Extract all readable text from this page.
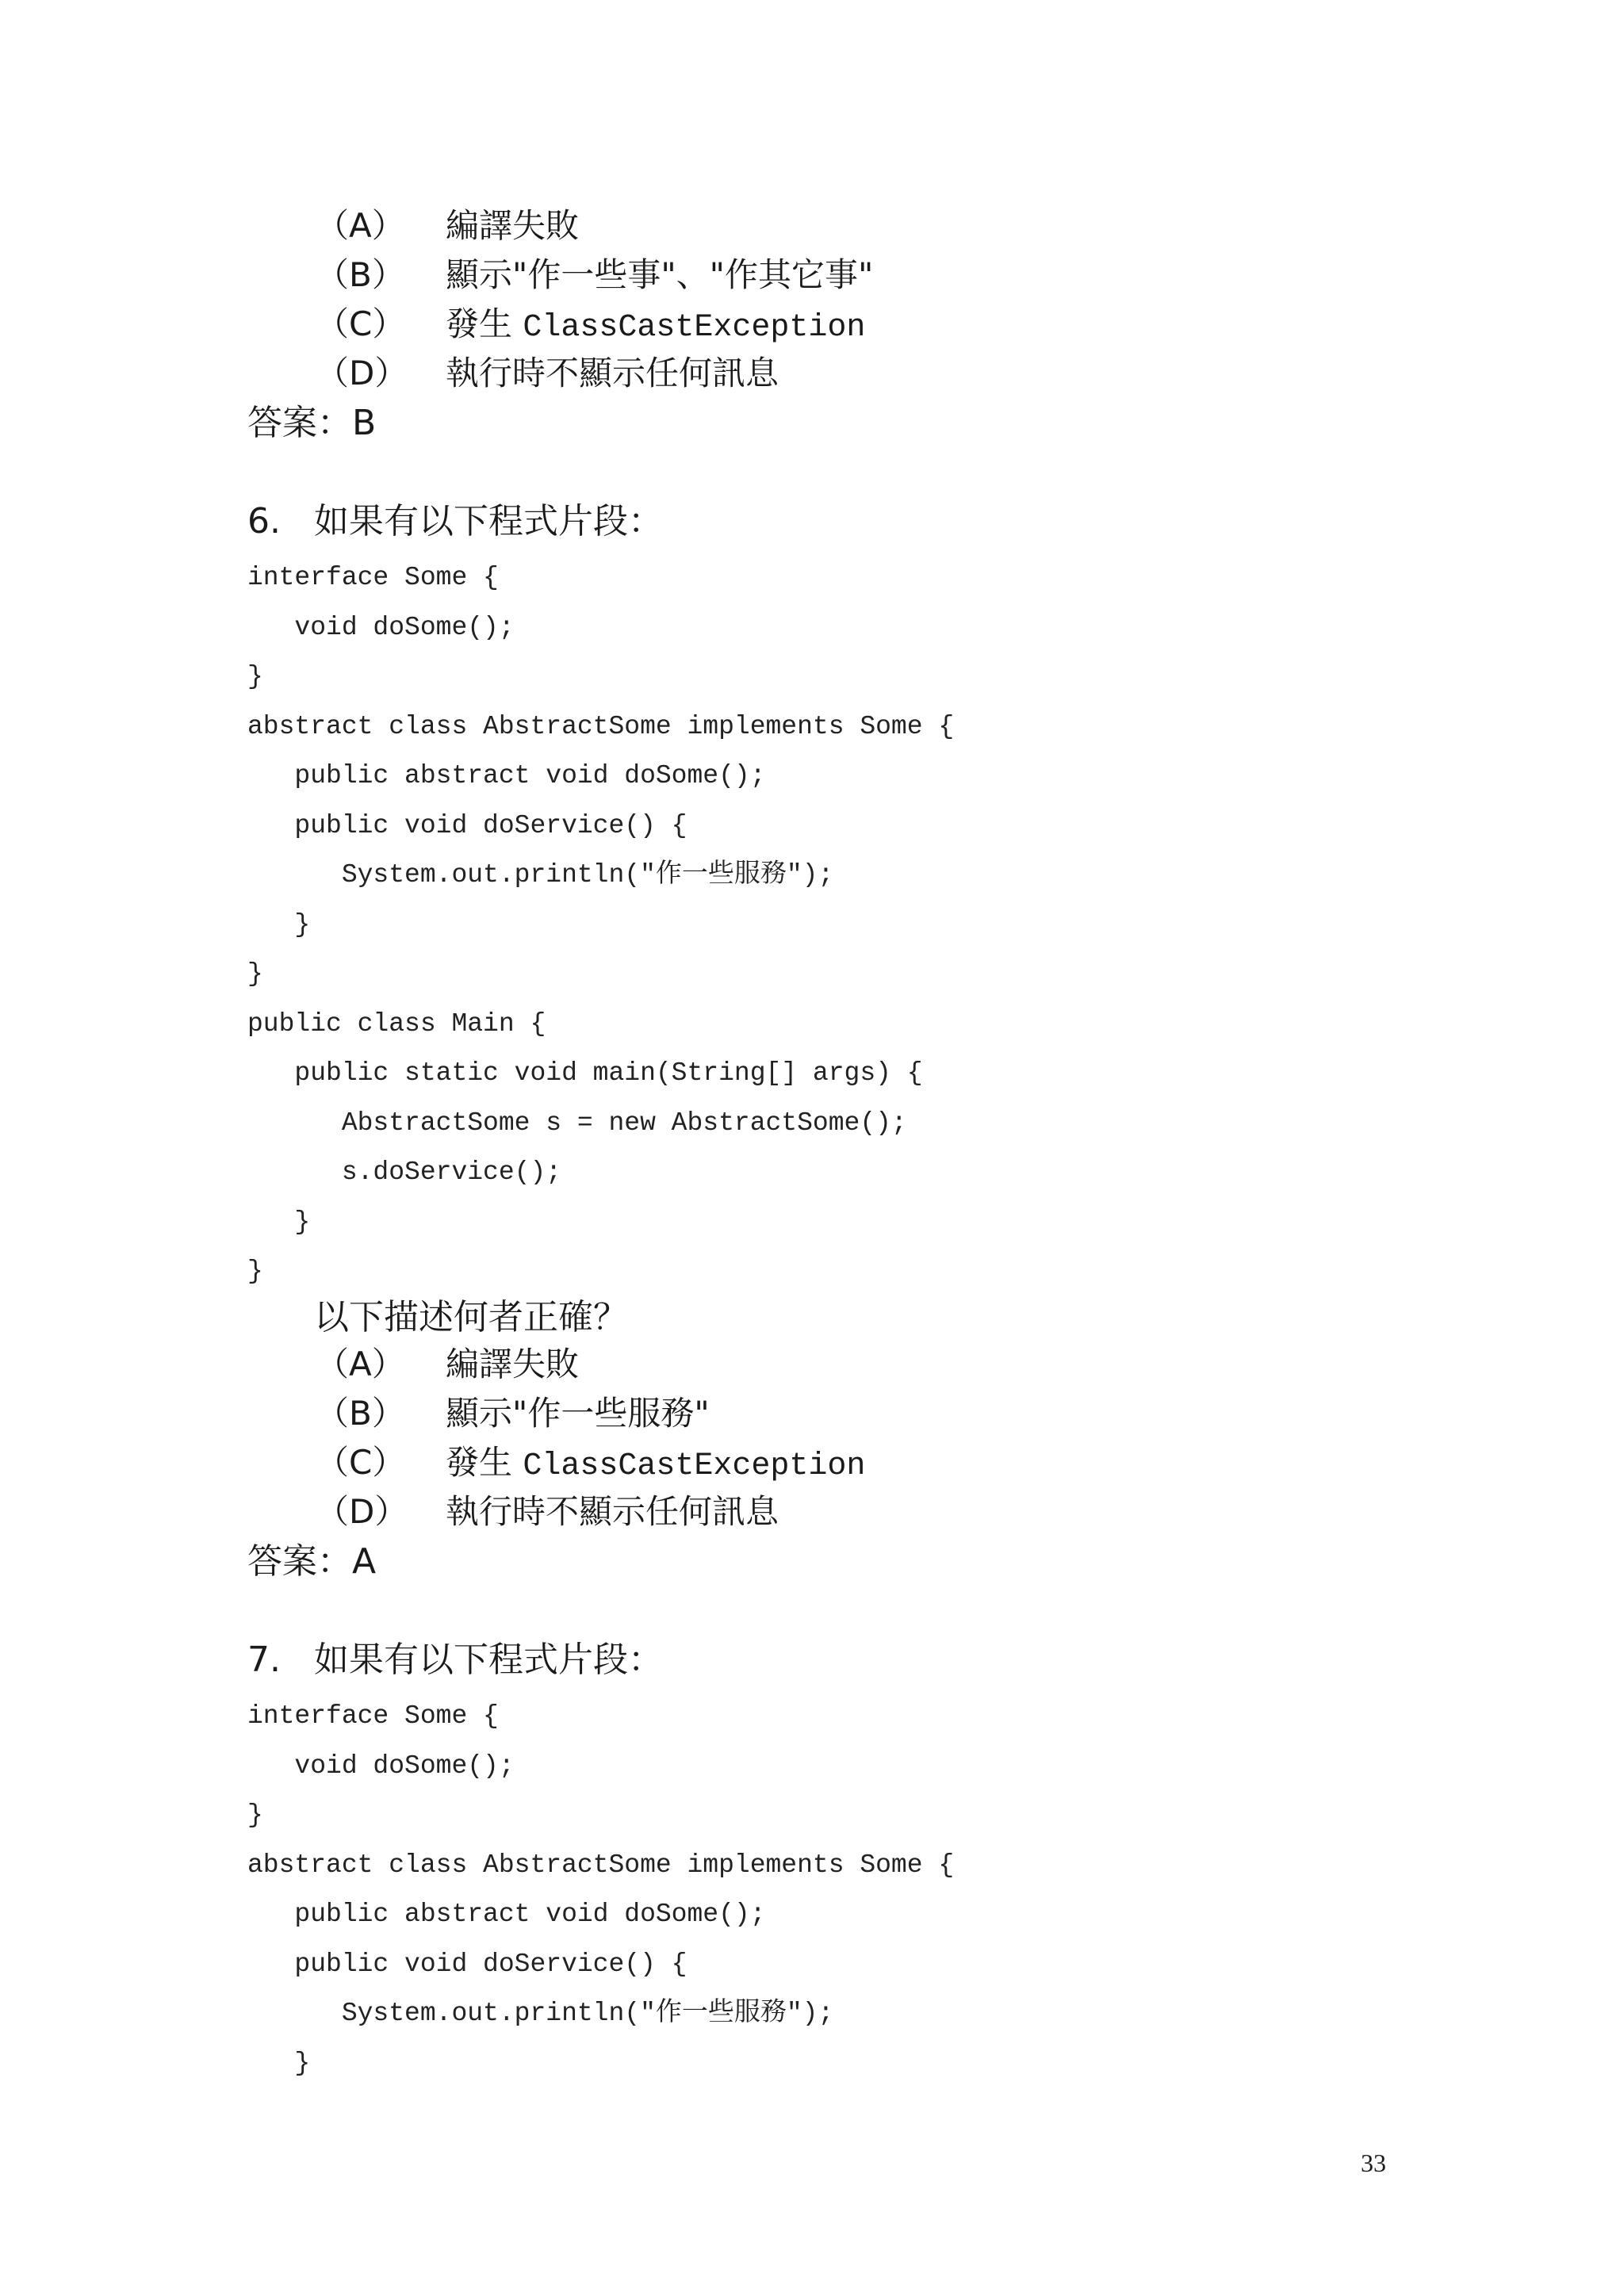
（A） 編譯失敗
（B） 顯示"作一些事"、"作其它事"
（C） 發生 ClassCastException
（D） 執行時不顯示任何訊息
答案：B
6. 如果有以下程式片段：
interface Some {
void doSome();
}
abstract class AbstractSome implements Some {
public abstract void doSome();
public void doService() {
System.out.println("作一些服務");
}
}
public class Main {
public static void main(String[] args) {
AbstractSome s = new AbstractSome();
s.doService();
}
}
以下描述何者正確？
（A） 編譯失敗
（B） 顯示"作一些服務"
（C） 發生 ClassCastException
（D） 執行時不顯示任何訊息
答案：A
7. 如果有以下程式片段：
interface Some {
void doSome();
}
abstract class AbstractSome implements Some {
public abstract void doSome();
public void doService() {
System.out.println("作一些服務");
}
33
